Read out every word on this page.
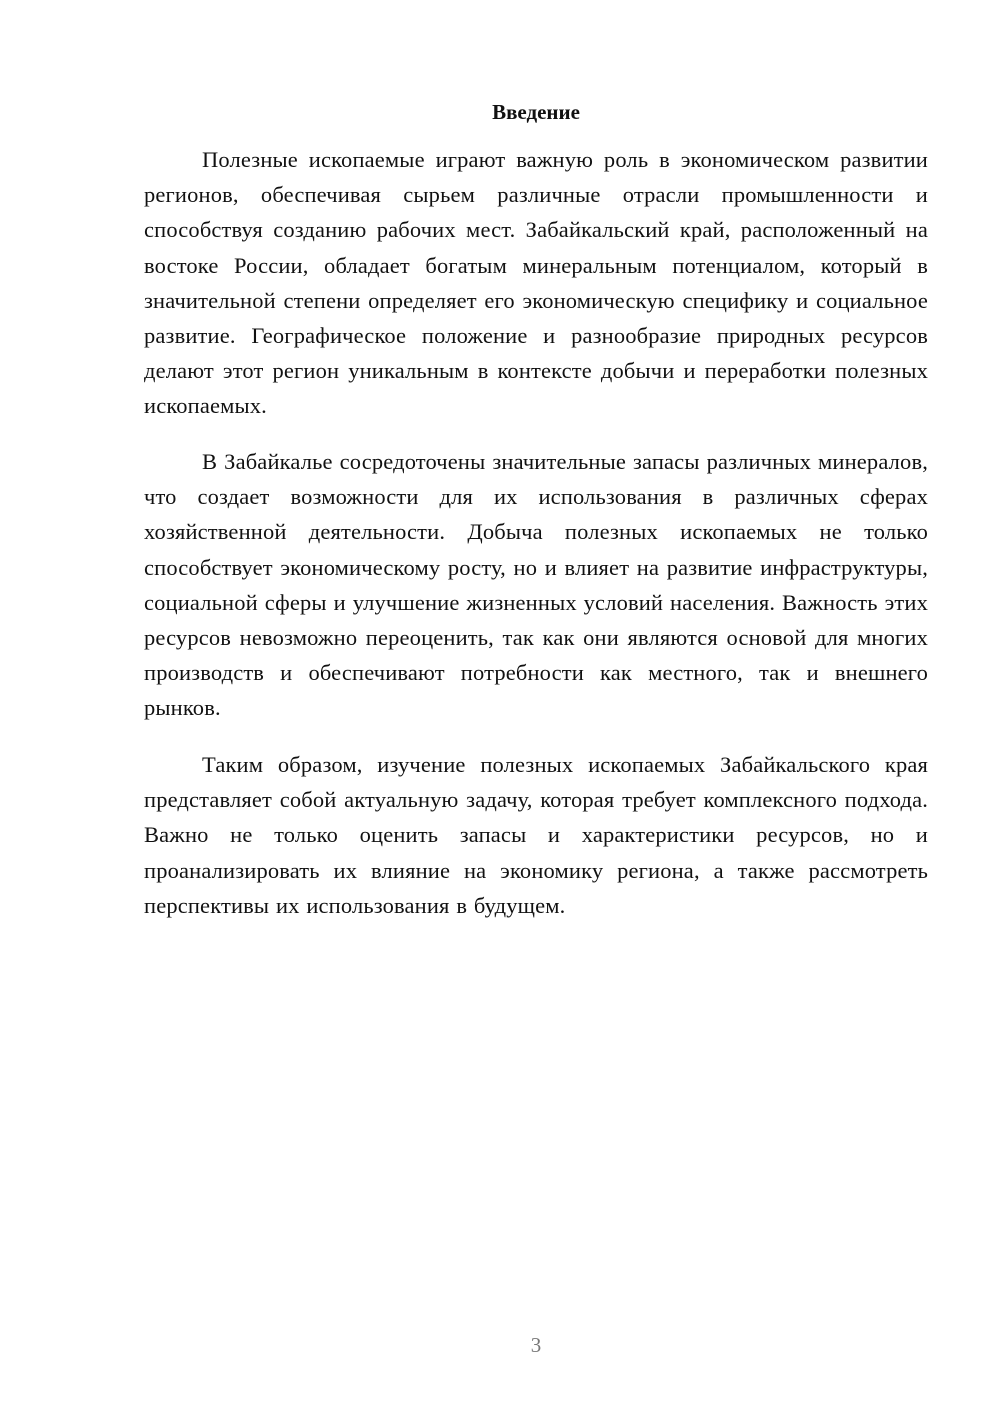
Введение

Полезные ископаемые играют важную роль в экономическом развитии регионов, обеспечивая сырьем различные отрасли промышленности и способствуя созданию рабочих мест. Забайкальский край, расположенный на востоке России, обладает богатым минеральным потенциалом, который в значительной степени определяет его экономическую специфику и социальное развитие. Географическое положение и разнообразие природных ресурсов делают этот регион уникальным в контексте добычи и переработки полезных ископаемых.

В Забайкалье сосредоточены значительные запасы различных минералов, что создает возможности для их использования в различных сферах хозяйственной деятельности. Добыча полезных ископаемых не только способствует экономическому росту, но и влияет на развитие инфраструктуры, социальной сферы и улучшение жизненных условий населения. Важность этих ресурсов невозможно переоценить, так как они являются основой для многих производств и обеспечивают потребности как местного, так и внешнего рынков.

Таким образом, изучение полезных ископаемых Забайкальского края представляет собой актуальную задачу, которая требует комплексного подхода. Важно не только оценить запасы и характеристики ресурсов, но и проанализировать их влияние на экономику региона, а также рассмотреть перспективы их использования в будущем.

3
